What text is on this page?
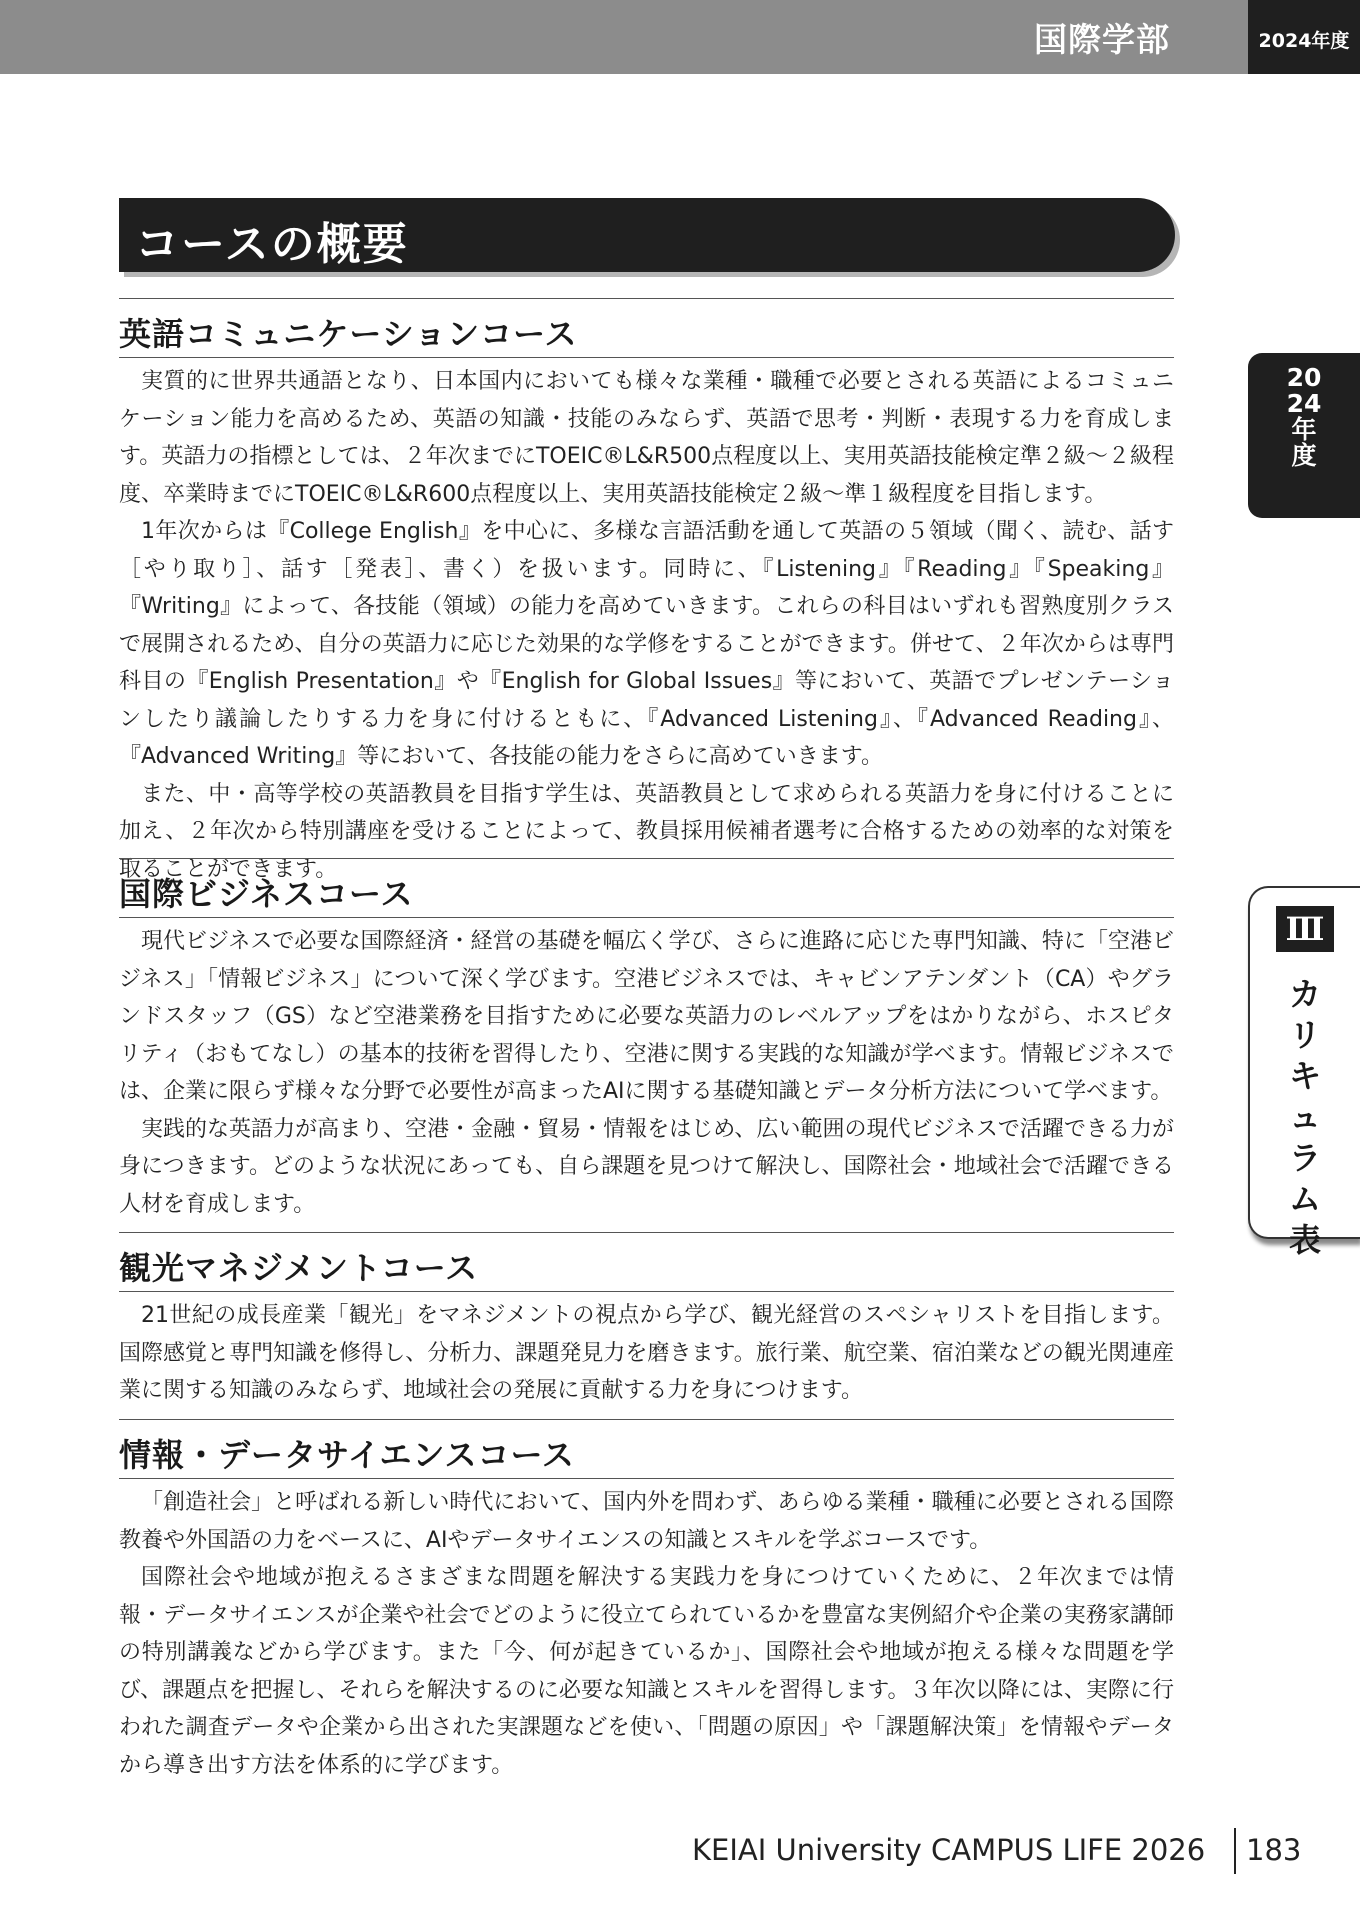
国際学部	2024年度
2024年度
Ⅲ
カリキュラム表
コースの概要
英語コミュニケーションコース

実質的に世界共通語となり、日本国内においても様々な業種・職種で必要とされる英語によるコミュニケーション能力を高めるため、英語の知識・技能のみならず、英語で思考・判断・表現する力を育成します。英語力の指標としては、２年次までにTOEIC®L&R500点程度以上、実用英語技能検定準２級〜２級程度、卒業時までにTOEIC®L&R600点程度以上、実用英語技能検定２級〜準１級程度を目指します。

1年次からは『College English』を中心に、多様な言語活動を通して英語の５領域（聞く、読む、話す［やり取り］、話す［発表］、書く）を扱います。同時に、『Listening』『Reading』『Speaking』『Writing』によって、各技能（領域）の能力を高めていきます。これらの科目はいずれも習熟度別クラスで展開されるため、自分の英語力に応じた効果的な学修をすることができます。併せて、２年次からは専門科目の『English Presentation』や『English for Global Issues』等において、英語でプレゼンテーションしたり議論したりする力を身に付けるともに、『Advanced Listening』、『Advanced Reading』、『Advanced Writing』等において、各技能の能力をさらに高めていきます。

また、中・高等学校の英語教員を目指す学生は、英語教員として求められる英語力を身に付けることに加え、２年次から特別講座を受けることによって、教員採用候補者選考に合格するための効率的な対策を取ることができます。

国際ビジネスコース

現代ビジネスで必要な国際経済・経営の基礎を幅広く学び、さらに進路に応じた専門知識、特に「空港ビジネス」「情報ビジネス」について深く学びます。空港ビジネスでは、キャビンアテンダント（CA）やグランドスタッフ（GS）など空港業務を目指すために必要な英語力のレベルアップをはかりながら、ホスピタリティ（おもてなし）の基本的技術を習得したり、空港に関する実践的な知識が学べます。情報ビジネスでは、企業に限らず様々な分野で必要性が高まったAIに関する基礎知識とデータ分析方法について学べます。

実践的な英語力が高まり、空港・金融・貿易・情報をはじめ、広い範囲の現代ビジネスで活躍できる力が身につきます。どのような状況にあっても、自ら課題を見つけて解決し、国際社会・地域社会で活躍できる人材を育成します。

観光マネジメントコース

21世紀の成長産業「観光」をマネジメントの視点から学び、観光経営のスペシャリストを目指します。国際感覚と専門知識を修得し、分析力、課題発見力を磨きます。旅行業、航空業、宿泊業などの観光関連産業に関する知識のみならず、地域社会の発展に貢献する力を身につけます。

情報・データサイエンスコース

「創造社会」と呼ばれる新しい時代において、国内外を問わず、あらゆる業種・職種に必要とされる国際教養や外国語の力をベースに、AIやデータサイエンスの知識とスキルを学ぶコースです。

国際社会や地域が抱えるさまざまな問題を解決する実践力を身につけていくために、２年次までは情報・データサイエンスが企業や社会でどのように役立てられているかを豊富な実例紹介や企業の実務家講師の特別講義などから学びます。また「今、何が起きているか」、国際社会や地域が抱える様々な問題を学び、課題点を把握し、それらを解決するのに必要な知識とスキルを習得します。３年次以降には、実際に行われた調査データや企業から出された実課題などを使い、「問題の原因」や「課題解決策」を情報やデータから導き出す方法を体系的に学びます。

KEIAI University CAMPUS LIFE 2026 183
